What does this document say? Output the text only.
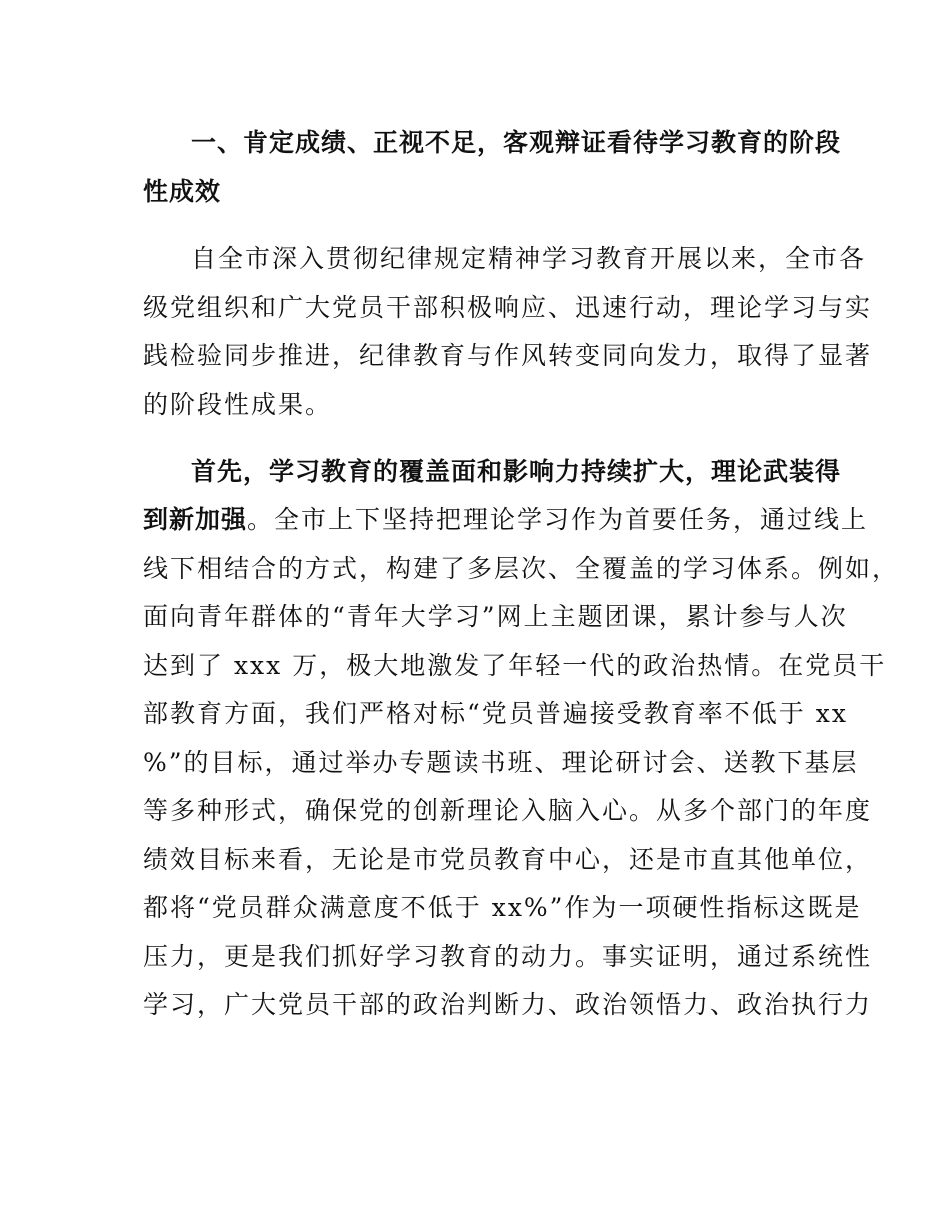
一、肯定成绩、正视不足，客观辩证看待学习教育的阶段
性成效
自全市深入贯彻纪律规定精神学习教育开展以来，全市各
级党组织和广大党员干部积极响应、迅速行动，理论学习与实
践检验同步推进，纪律教育与作风转变同向发力，取得了显著
的阶段性成果。
首先，学习教育的覆盖面和影响力持续扩大，理论武装得
到新加强。全市上下坚持把理论学习作为首要任务，通过线上
线下相结合的方式，构建了多层次、全覆盖的学习体系。例如，
面向青年群体的“青年大学习”网上主题团课，累计参与人次
达到了 xxx 万，极大地激发了年轻一代的政治热情。在党员干
部教育方面，我们严格对标“党员普遍接受教育率不低于 xx
%”的目标，通过举办专题读书班、理论研讨会、送教下基层
等多种形式，确保党的创新理论入脑入心。从多个部门的年度
绩效目标来看，无论是市党员教育中心，还是市直其他单位，
都将“党员群众满意度不低于 xx%”作为一项硬性指标这既是
压力，更是我们抓好学习教育的动力。事实证明，通过系统性
学习，广大党员干部的政治判断力、政治领悟力、政治执行力
